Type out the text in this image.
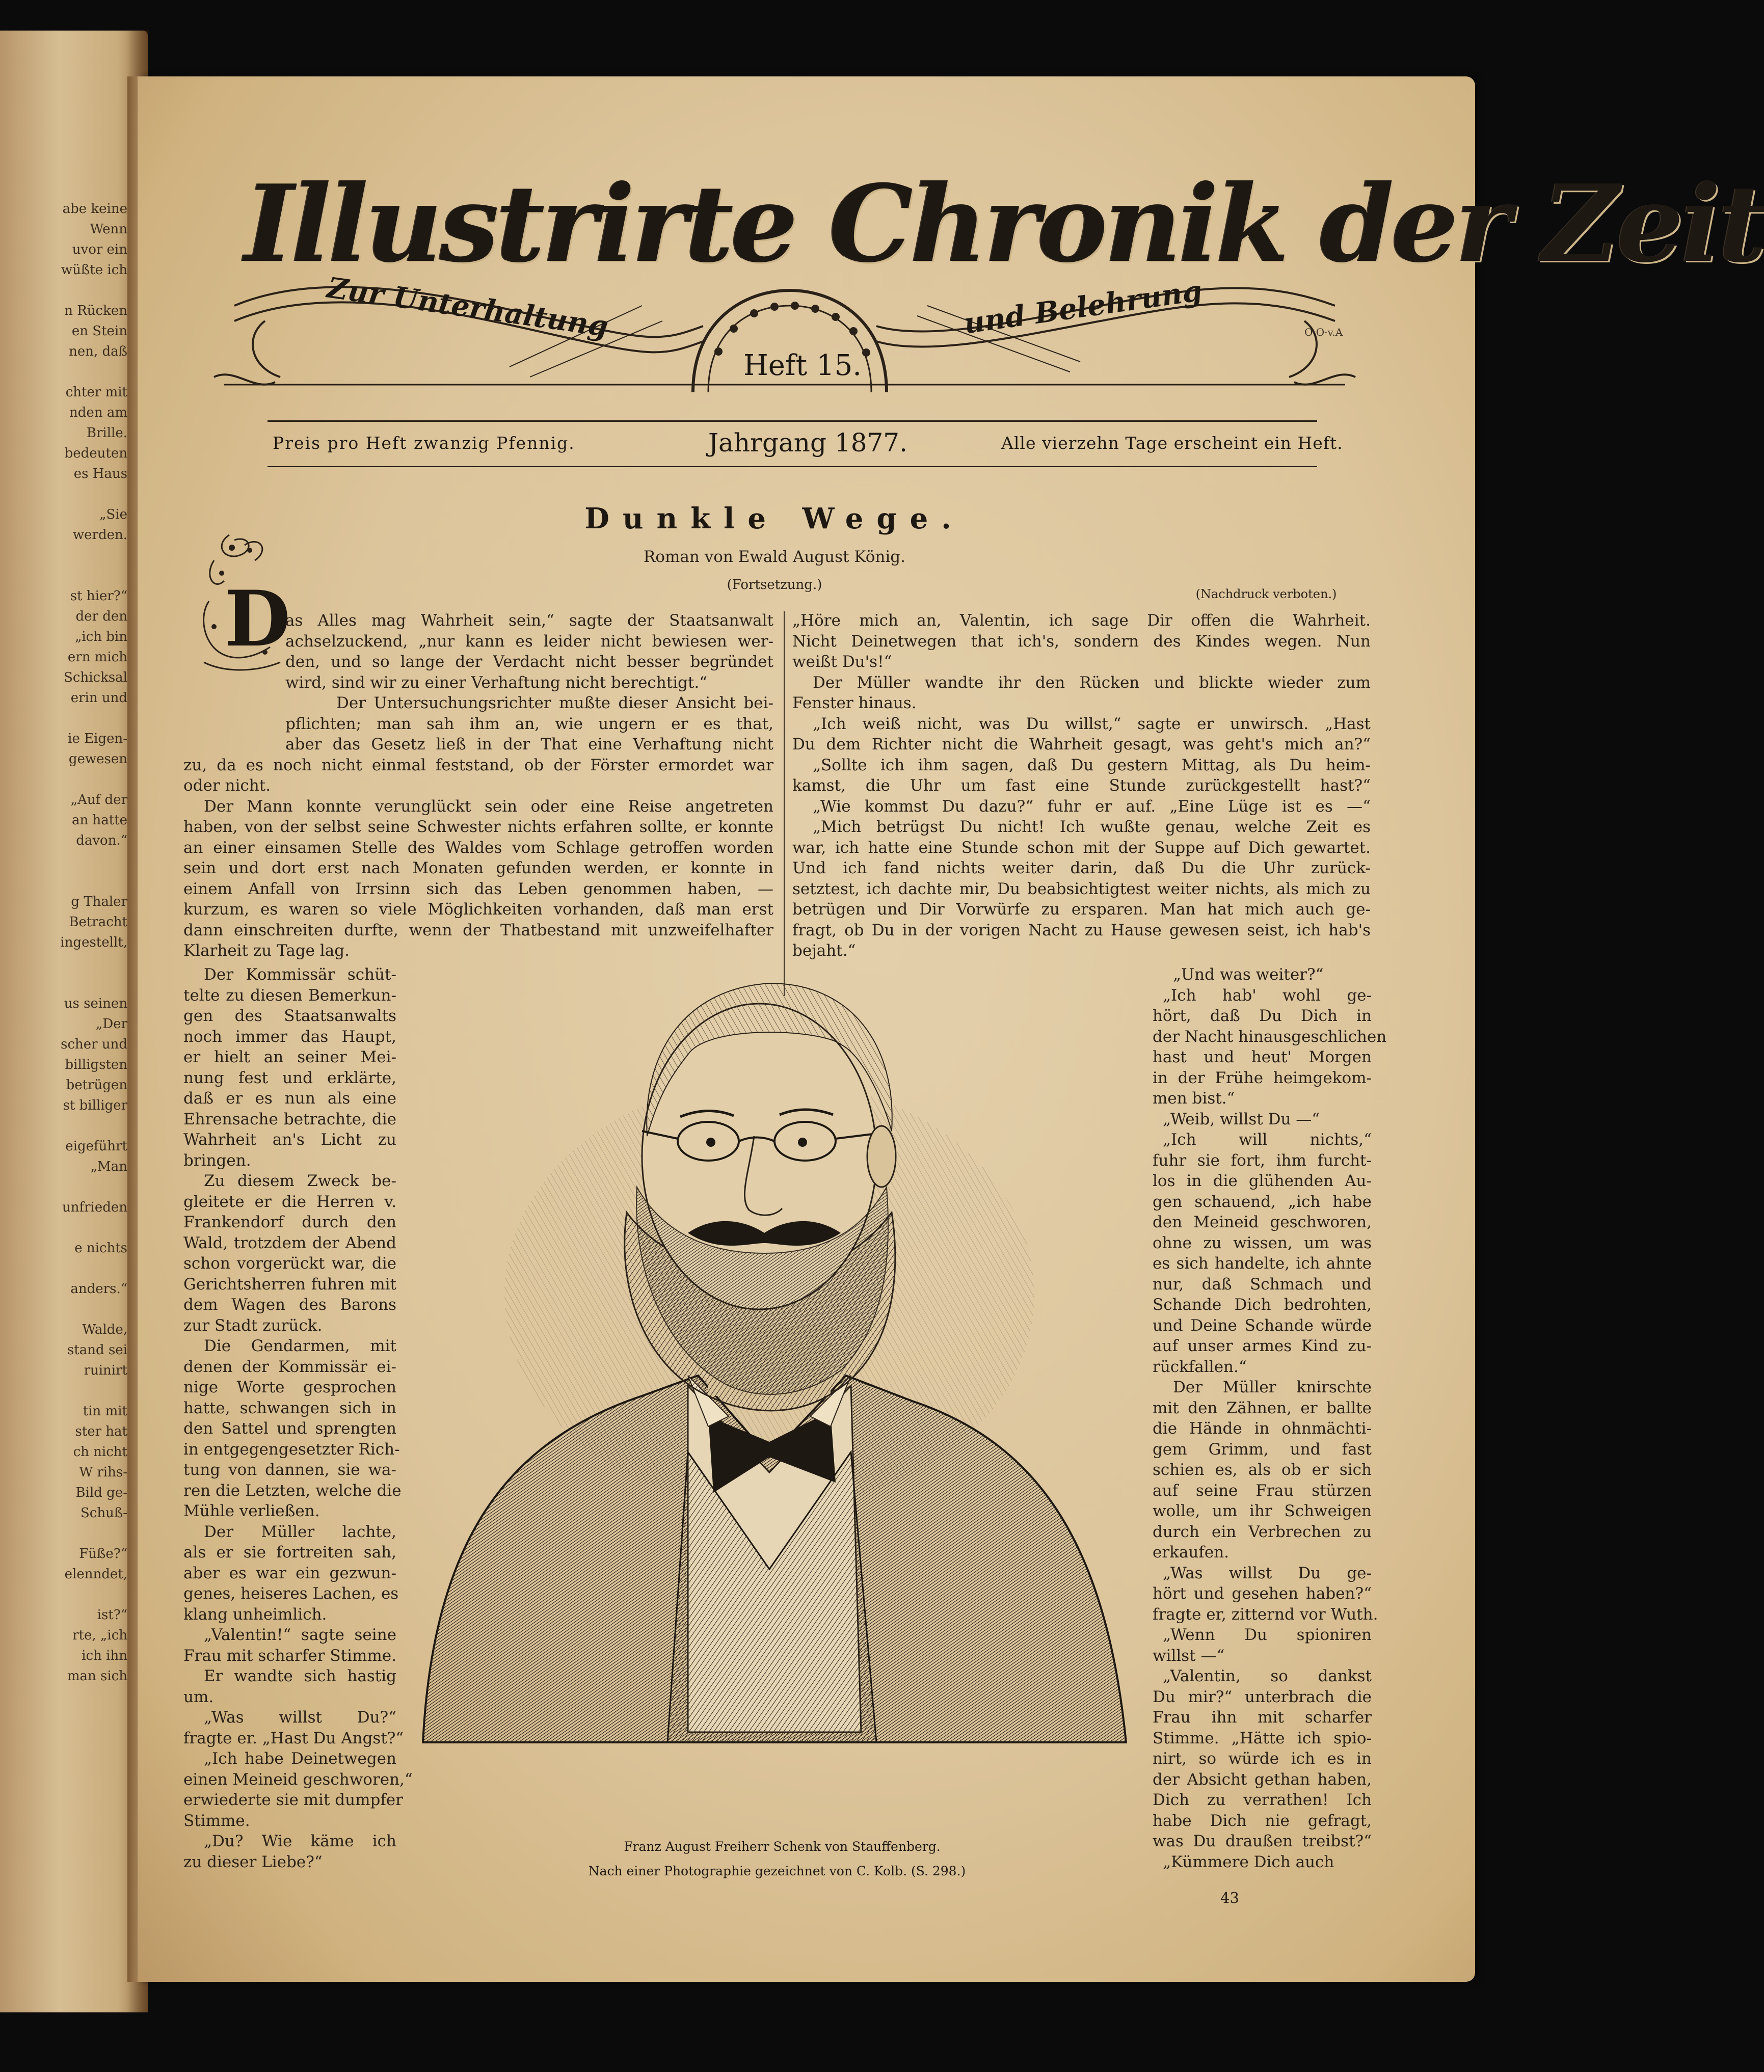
abe keine
Wenn
uvor ein
wüßte ich

n Rücken
en Stein
nen, daß

chter mit
nden am
Brille.
bedeuten
es Haus

„Sie
werden.

st hier?“
der den
„ich bin
ern mich
Schicksal
erin und

ie Eigen-
gewesen

„Auf der
an hatte
davon.“

g Thaler
Betracht
ingestellt,

us seinen
„Der
scher und
billigsten
betrügen
st billiger

eigeführt
„Man

unfrieden

e nichts

anders.“

Walde,
stand sei
ruinirt

tin mit
ster hat
ch nicht
W rihs-
Bild ge-
Schuß-

Füße?“
elenndet,

ist?“
rte, „ich
ich ihn
man sich
Illustrirte Chronik der Zeit
Zur Unterhaltung	und Belehrung
Heft 15.
O·O·v.A
Preis pro Heft zwanzig Pfennig.	Jahrgang 1877.	Alle vierzehn Tage erscheint ein Heft.
Dunkle Wege.
Roman von Ewald August König.
(Fortsetzung.)
(Nachdruck verboten.)
D
as Alles mag Wahrheit sein,“ sagte der Staatsanwalt
achselzuckend, „nur kann es leider nicht bewiesen wer-
den, und so lange der Verdacht nicht besser begründet
wird, sind wir zu einer Verhaftung nicht berechtigt.“
Der Untersuchungsrichter mußte dieser Ansicht bei-
pflichten; man sah ihm an, wie ungern er es that,
aber das Gesetz ließ in der That eine Verhaftung nicht
zu, da es noch nicht einmal feststand, ob der Förster ermordet war
oder nicht.
Der Mann konnte verunglückt sein oder eine Reise angetreten
haben, von der selbst seine Schwester nichts erfahren sollte, er konnte
an einer einsamen Stelle des Waldes vom Schlage getroffen worden
sein und dort erst nach Monaten gefunden werden, er konnte in
einem Anfall von Irrsinn sich das Leben genommen haben, —
kurzum, es waren so viele Möglichkeiten vorhanden, daß man erst
dann einschreiten durfte, wenn der Thatbestand mit unzweifelhafter
Klarheit zu Tage lag.
„Höre mich an, Valentin, ich sage Dir offen die Wahrheit.
Nicht Deinetwegen that ich's, sondern des Kindes wegen. Nun
weißt Du's!“
Der Müller wandte ihr den Rücken und blickte wieder zum
Fenster hinaus.
„Ich weiß nicht, was Du willst,“ sagte er unwirsch. „Hast
Du dem Richter nicht die Wahrheit gesagt, was geht's mich an?“
„Sollte ich ihm sagen, daß Du gestern Mittag, als Du heim-
kamst, die Uhr um fast eine Stunde zurückgestellt hast?“
„Wie kommst Du dazu?“ fuhr er auf. „Eine Lüge ist es —“
„Mich betrügst Du nicht! Ich wußte genau, welche Zeit es
war, ich hatte eine Stunde schon mit der Suppe auf Dich gewartet.
Und ich fand nichts weiter darin, daß Du die Uhr zurück-
setztest, ich dachte mir, Du beabsichtigtest weiter nichts, als mich zu
betrügen und Dir Vorwürfe zu ersparen. Man hat mich auch ge-
fragt, ob Du in der vorigen Nacht zu Hause gewesen seist, ich hab's
bejaht.“
Der Kommissär schüt-
telte zu diesen Bemerkun-
gen des Staatsanwalts
noch immer das Haupt,
er hielt an seiner Mei-
nung fest und erklärte,
daß er es nun als eine
Ehrensache betrachte, die
Wahrheit an's Licht zu
bringen.
Zu diesem Zweck be-
gleitete er die Herren v.
Frankendorf durch den
Wald, trotzdem der Abend
schon vorgerückt war, die
Gerichtsherren fuhren mit
dem Wagen des Barons
zur Stadt zurück.
Die Gendarmen, mit
denen der Kommissär ei-
nige Worte gesprochen
hatte, schwangen sich in
den Sattel und sprengten
in entgegengesetzter Rich-
tung von dannen, sie wa-
ren die Letzten, welche die
Mühle verließen.
Der Müller lachte,
als er sie fortreiten sah,
aber es war ein gezwun-
genes, heiseres Lachen, es
klang unheimlich.
„Valentin!“ sagte seine
Frau mit scharfer Stimme.
Er wandte sich hastig
um.
„Was willst Du?“
fragte er. „Hast Du Angst?“
„Ich habe Deinetwegen
einen Meineid geschworen,“
erwiederte sie mit dumpfer
Stimme.
„Du? Wie käme ich
zu dieser Liebe?“
„Und was weiter?“
„Ich hab' wohl ge-
hört, daß Du Dich in
der Nacht hinausgeschlichen
hast und heut' Morgen
in der Frühe heimgekom-
men bist.“
„Weib, willst Du —“
„Ich will nichts,“
fuhr sie fort, ihm furcht-
los in die glühenden Au-
gen schauend, „ich habe
den Meineid geschworen,
ohne zu wissen, um was
es sich handelte, ich ahnte
nur, daß Schmach und
Schande Dich bedrohten,
und Deine Schande würde
auf unser armes Kind zu-
rückfallen.“
Der Müller knirschte
mit den Zähnen, er ballte
die Hände in ohnmächti-
gem Grimm, und fast
schien es, als ob er sich
auf seine Frau stürzen
wolle, um ihr Schweigen
durch ein Verbrechen zu
erkaufen.
„Was willst Du ge-
hört und gesehen haben?“
fragte er, zitternd vor Wuth.
„Wenn Du spioniren
willst —“
„Valentin, so dankst
Du mir?“ unterbrach die
Frau ihn mit scharfer
Stimme. „Hätte ich spio-
nirt, so würde ich es in
der Absicht gethan haben,
Dich zu verrathen! Ich
habe Dich nie gefragt,
was Du draußen treibst?“
„Kümmere Dich auch
Franz August Freiherr Schenk von Stauffenberg.
Nach einer Photographie gezeichnet von C. Kolb. (S. 298.)
43
